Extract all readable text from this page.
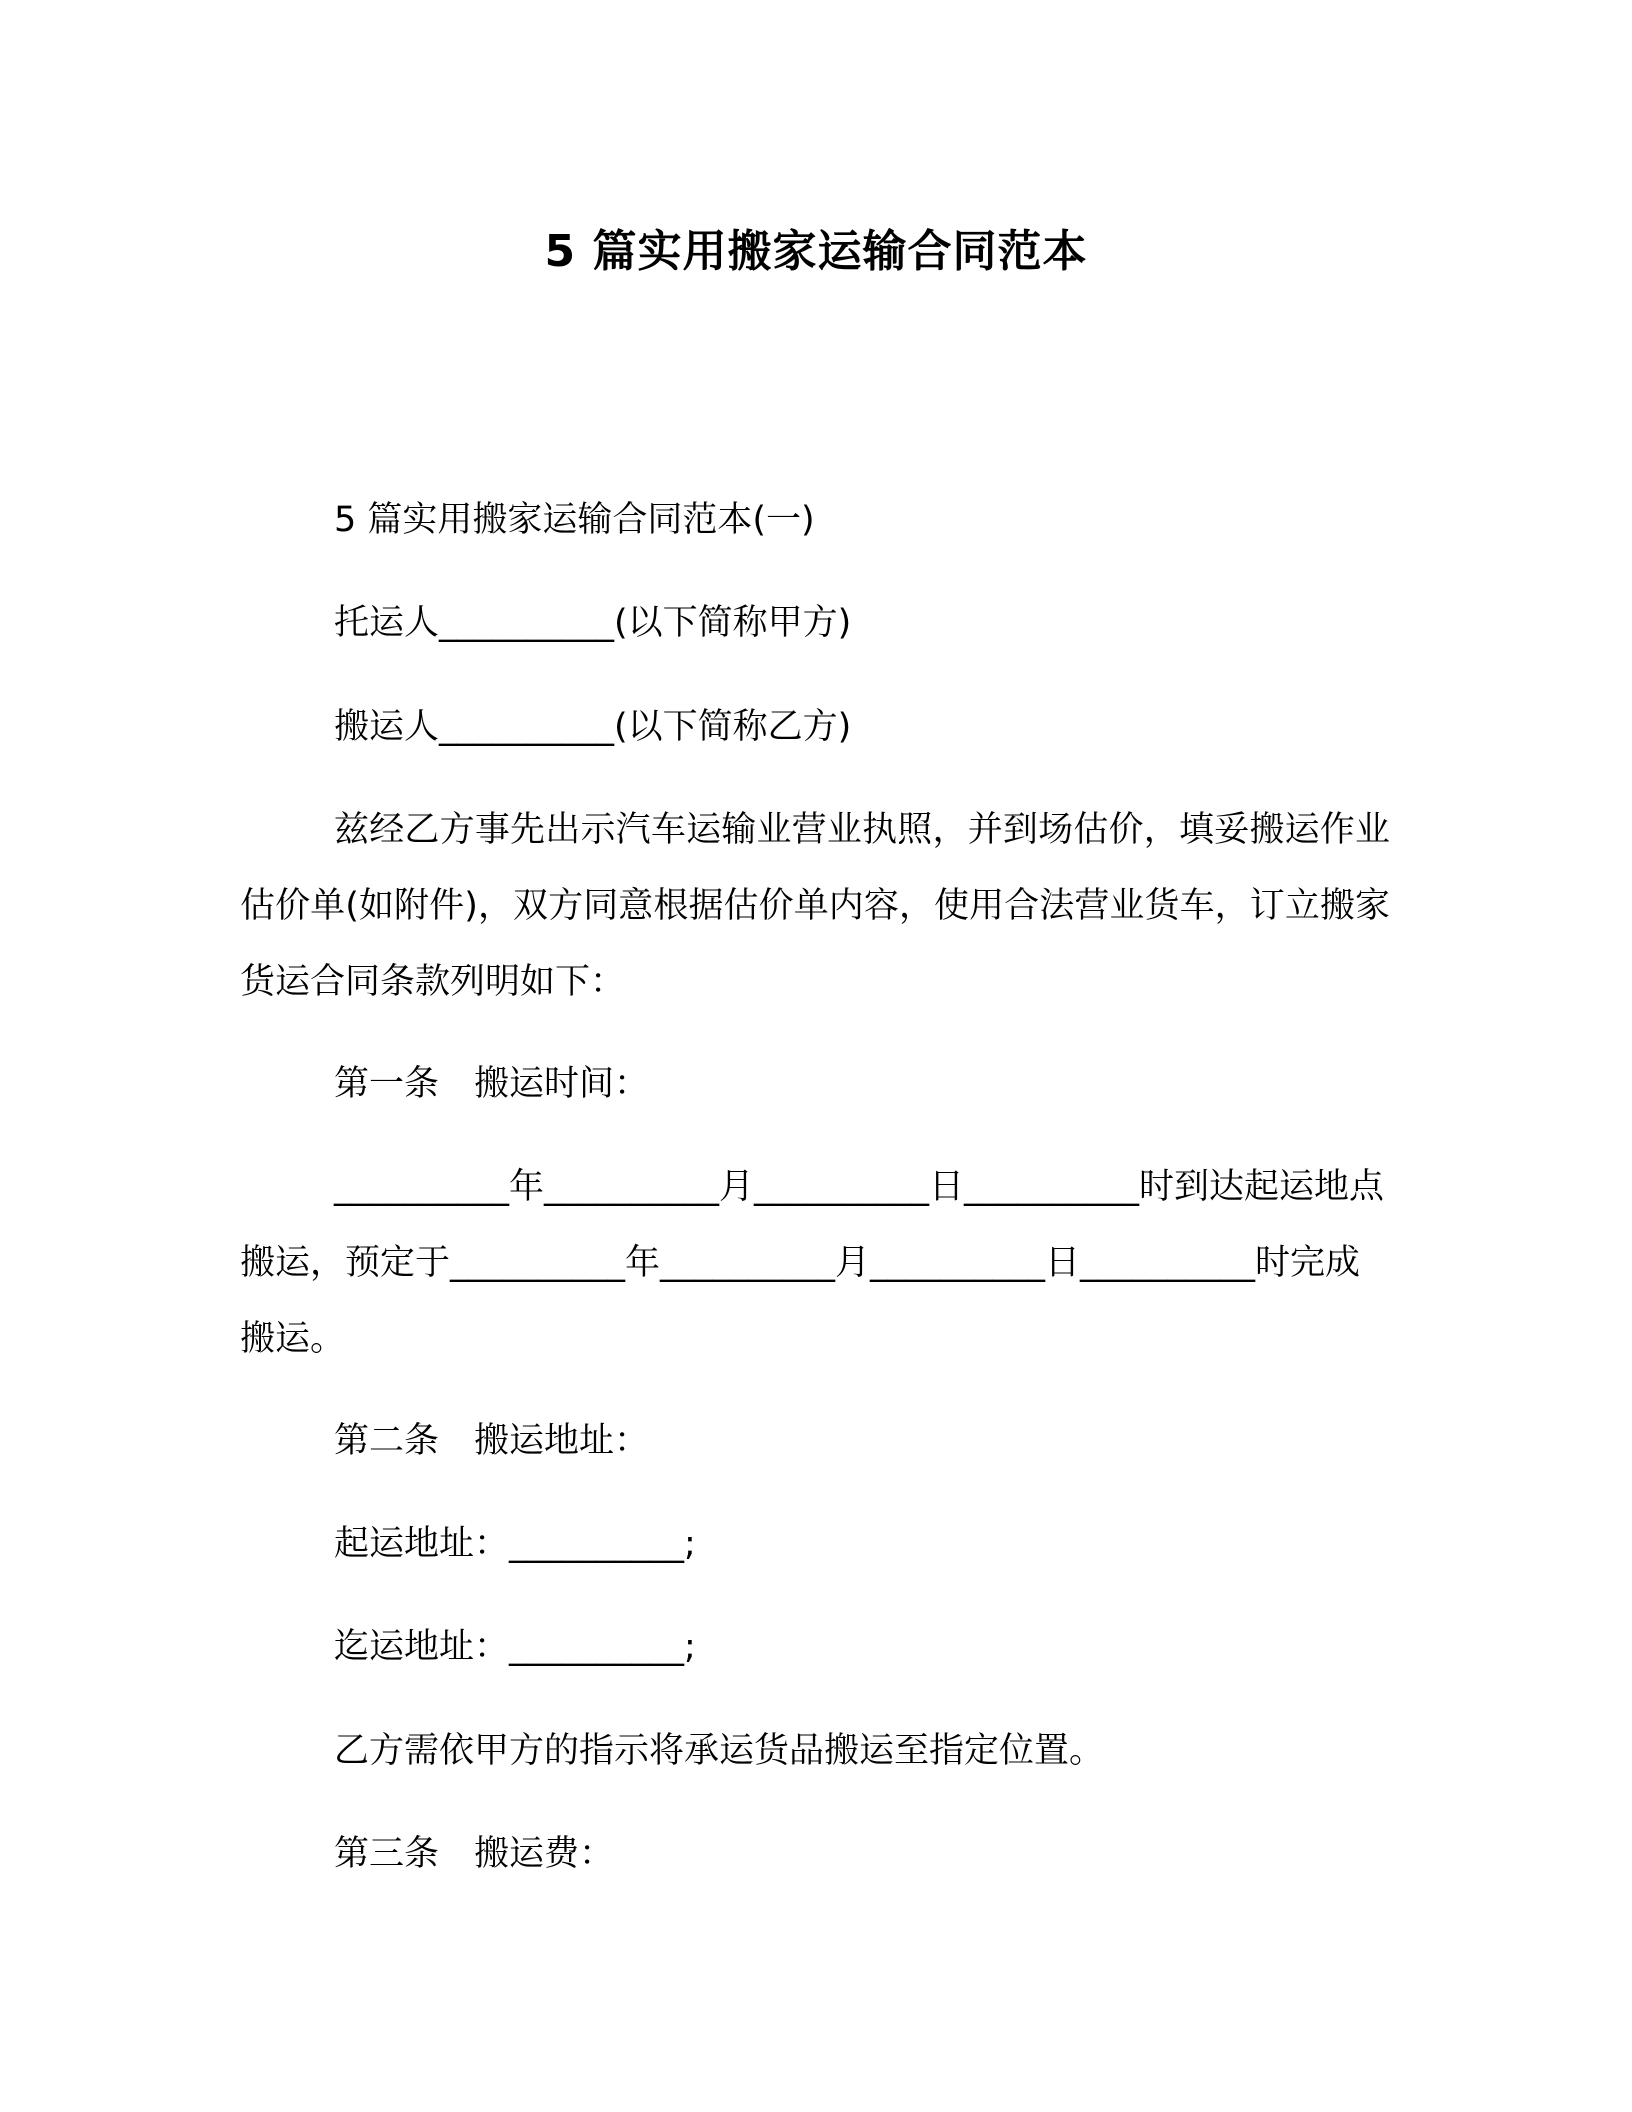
5 篇实用搬家运输合同范本

5 篇实用搬家运输合同范本(一)

托运人__________(以下简称甲方)

搬运人__________(以下简称乙方)

兹经乙方事先出示汽车运输业营业执照，并到场估价，填妥搬运作业估价单(如附件)，双方同意根据估价单内容，使用合法营业货车，订立搬家货运合同条款列明如下：

第一条　搬运时间：

__________年__________月__________日__________时到达起运地点搬运，预定于__________年__________月__________日__________时完成搬运。

第二条　搬运地址：

起运地址：__________;

迄运地址：__________;

乙方需依甲方的指示将承运货品搬运至指定位置。

第三条　搬运费：
